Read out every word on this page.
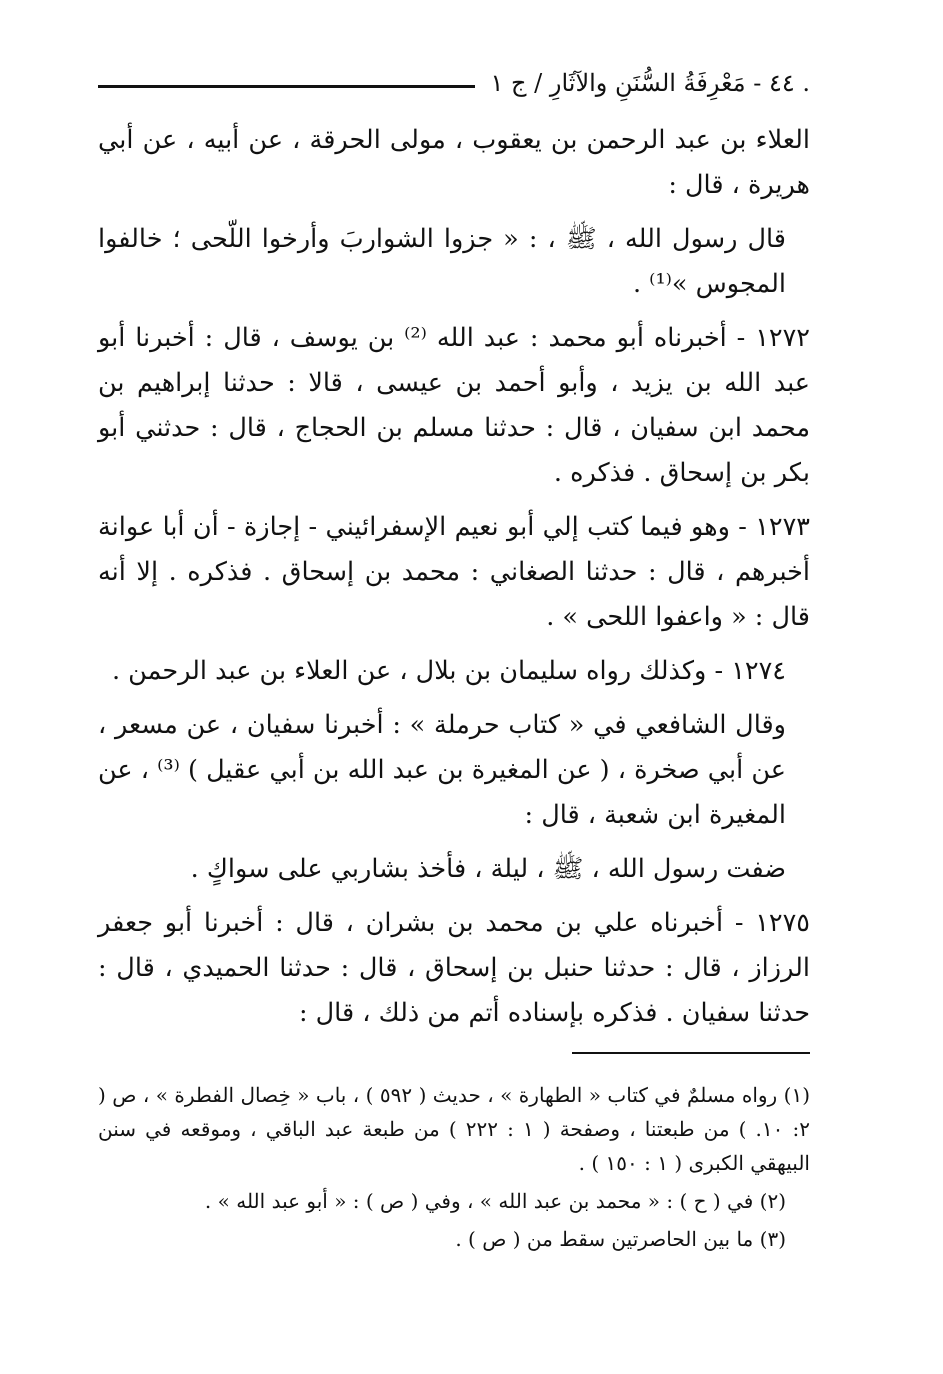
. ٤٤ - مَعْرِفَةُ السُّنَنِ والآثَارِ / ج ١

العلاء بن عبد الرحمن بن يعقوب ، مولى الحرقة ، عن أبيه ، عن أبي هريرة ، قال :

قال رسول الله ، ﷺ ، : « جزوا الشواربَ وأرخوا اللّحى ؛ خالفوا المجوس »⁽¹⁾ .

١٢٧٢ - أخبرناه أبو محمد : عبد الله ⁽²⁾ بن يوسف ، قال : أخبرنا أبو عبد الله بن يزيد ، وأبو أحمد بن عيسى ، قالا : حدثنا إبراهيم بن محمد ابن سفيان ، قال : حدثنا مسلم بن الحجاج ، قال : حدثني أبو بكر بن إسحاق . فذكره .

١٢٧٣ - وهو فيما كتب إلي أبو نعيم الإسفرائيني - إجازة - أن أبا عوانة أخبرهم ، قال : حدثنا الصغاني : محمد بن إسحاق . فذكره . إلا أنه قال : « واعفوا اللحى » .

١٢٧٤ - وكذلك رواه سليمان بن بلال ، عن العلاء بن عبد الرحمن .

وقال الشافعي في « كتاب حرملة » : أخبرنا سفيان ، عن مسعر ، عن أبي صخرة ، ( عن المغيرة بن عبد الله بن أبي عقيل ) ⁽³⁾ ، عن المغيرة ابن شعبة ، قال :

ضفت رسول الله ، ﷺ ، ليلة ، فأخذ بشاربي على سواكٍ .

١٢٧٥ - أخبرناه علي بن محمد بن بشران ، قال : أخبرنا أبو جعفر الرزاز ، قال : حدثنا حنبل بن إسحاق ، قال : حدثنا الحميدي ، قال : حدثنا سفيان . فذكره بإسناده أتم من ذلك ، قال :

(١) رواه مسلمٌ في كتاب « الطهارة » ، حديث ( ٥٩٢ ) ، باب « خِصال الفطرة » ، ص ( ٢: ١٠. ) من طبعتنا ، وصفحة ( ١ : ٢٢٢ ) من طبعة عبد الباقي ، وموقعه في سنن البيهقي الكبرى ( ١ : ١٥٠ ) .

(٢) في ( ح ) : « محمد بن عبد الله » ، وفي ( ص ) : « أبو عبد الله » .

(٣) ما بين الحاصرتين سقط من ( ص ) .
